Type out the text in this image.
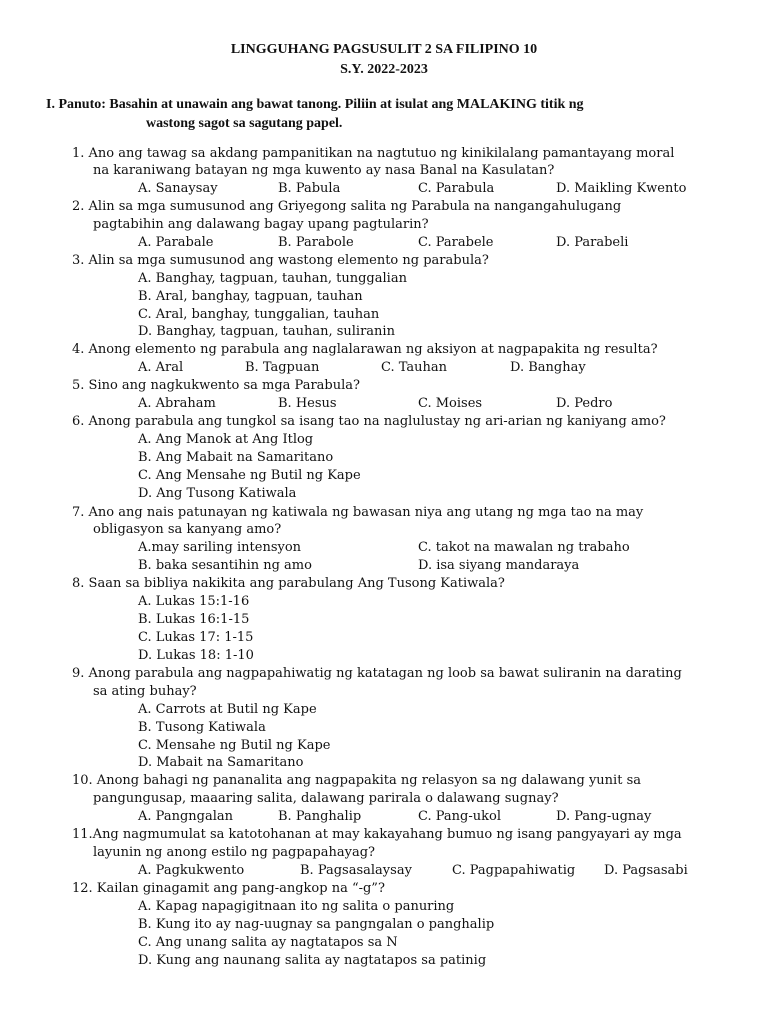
LINGGUHANG PAGSUSULIT 2 SA FILIPINO 10
S.Y. 2022-2023
I. Panuto: Basahin at unawain ang bawat tanong. Piliin at isulat ang MALAKING titik ng
wastong sagot sa sagutang papel.
1. Ano ang tawag sa akdang pampanitikan na nagtutuo ng kinikilalang pamantayang moral
na karaniwang batayan ng mga kuwento ay nasa Banal na Kasulatan?
A. Sanaysay	B. Pabula	C. Parabula	D. Maikling Kwento
2. Alin sa mga sumusunod ang Griyegong salita ng Parabula na nangangahulugang
pagtabihin ang dalawang bagay upang pagtularin?
A. Parabale	B. Parabole	C. Parabele	D. Parabeli
3. Alin sa mga sumusunod ang wastong elemento ng parabula?
A. Banghay, tagpuan, tauhan, tunggalian
B. Aral, banghay, tagpuan, tauhan
C. Aral, banghay, tunggalian, tauhan
D. Banghay, tagpuan, tauhan, suliranin
4. Anong elemento ng parabula ang naglalarawan ng aksiyon at nagpapakita ng resulta?
A. Aral	B. Tagpuan	C. Tauhan	D. Banghay
5. Sino ang nagkukwento sa mga Parabula?
A. Abraham	B. Hesus	C. Moises	D. Pedro
6. Anong parabula ang tungkol sa isang tao na naglulustay ng ari-arian ng kaniyang amo?
A. Ang Manok at Ang Itlog
B. Ang Mabait na Samaritano
C. Ang Mensahe ng Butil ng Kape
D. Ang Tusong Katiwala
7. Ano ang nais patunayan ng katiwala ng bawasan niya ang utang ng mga tao na may
obligasyon sa kanyang amo?
A.may sariling intensyon	C. takot na mawalan ng trabaho
B. baka sesantihin ng amo	D. isa siyang mandaraya
8. Saan sa bibliya nakikita ang parabulang Ang Tusong Katiwala?
A. Lukas 15:1-16
B. Lukas 16:1-15
C. Lukas 17: 1-15
D. Lukas 18: 1-10
9. Anong parabula ang nagpapahiwatig ng katatagan ng loob sa bawat suliranin na darating
sa ating buhay?
A. Carrots at Butil ng Kape
B. Tusong Katiwala
C. Mensahe ng Butil ng Kape
D. Mabait na Samaritano
10. Anong bahagi ng pananalita ang nagpapakita ng relasyon sa ng dalawang yunit sa
pangungusap, maaaring salita, dalawang parirala o dalawang sugnay?
A. Pangngalan	B. Panghalip	C. Pang-ukol	D. Pang-ugnay
11.Ang nagmumulat sa katotohanan at may kakayahang bumuo ng isang pangyayari ay mga
layunin ng anong estilo ng pagpapahayag?
A. Pagkukwento	B. Pagsasalaysay	C. Pagpapahiwatig D. Pagsasabi
12. Kailan ginagamit ang pang-angkop na “-g”?
A. Kapag napagigitnaan ito ng salita o panuring
B. Kung ito ay nag-uugnay sa pangngalan o panghalip
C. Ang unang salita ay nagtatapos sa N
D. Kung ang naunang salita ay nagtatapos sa patinig
